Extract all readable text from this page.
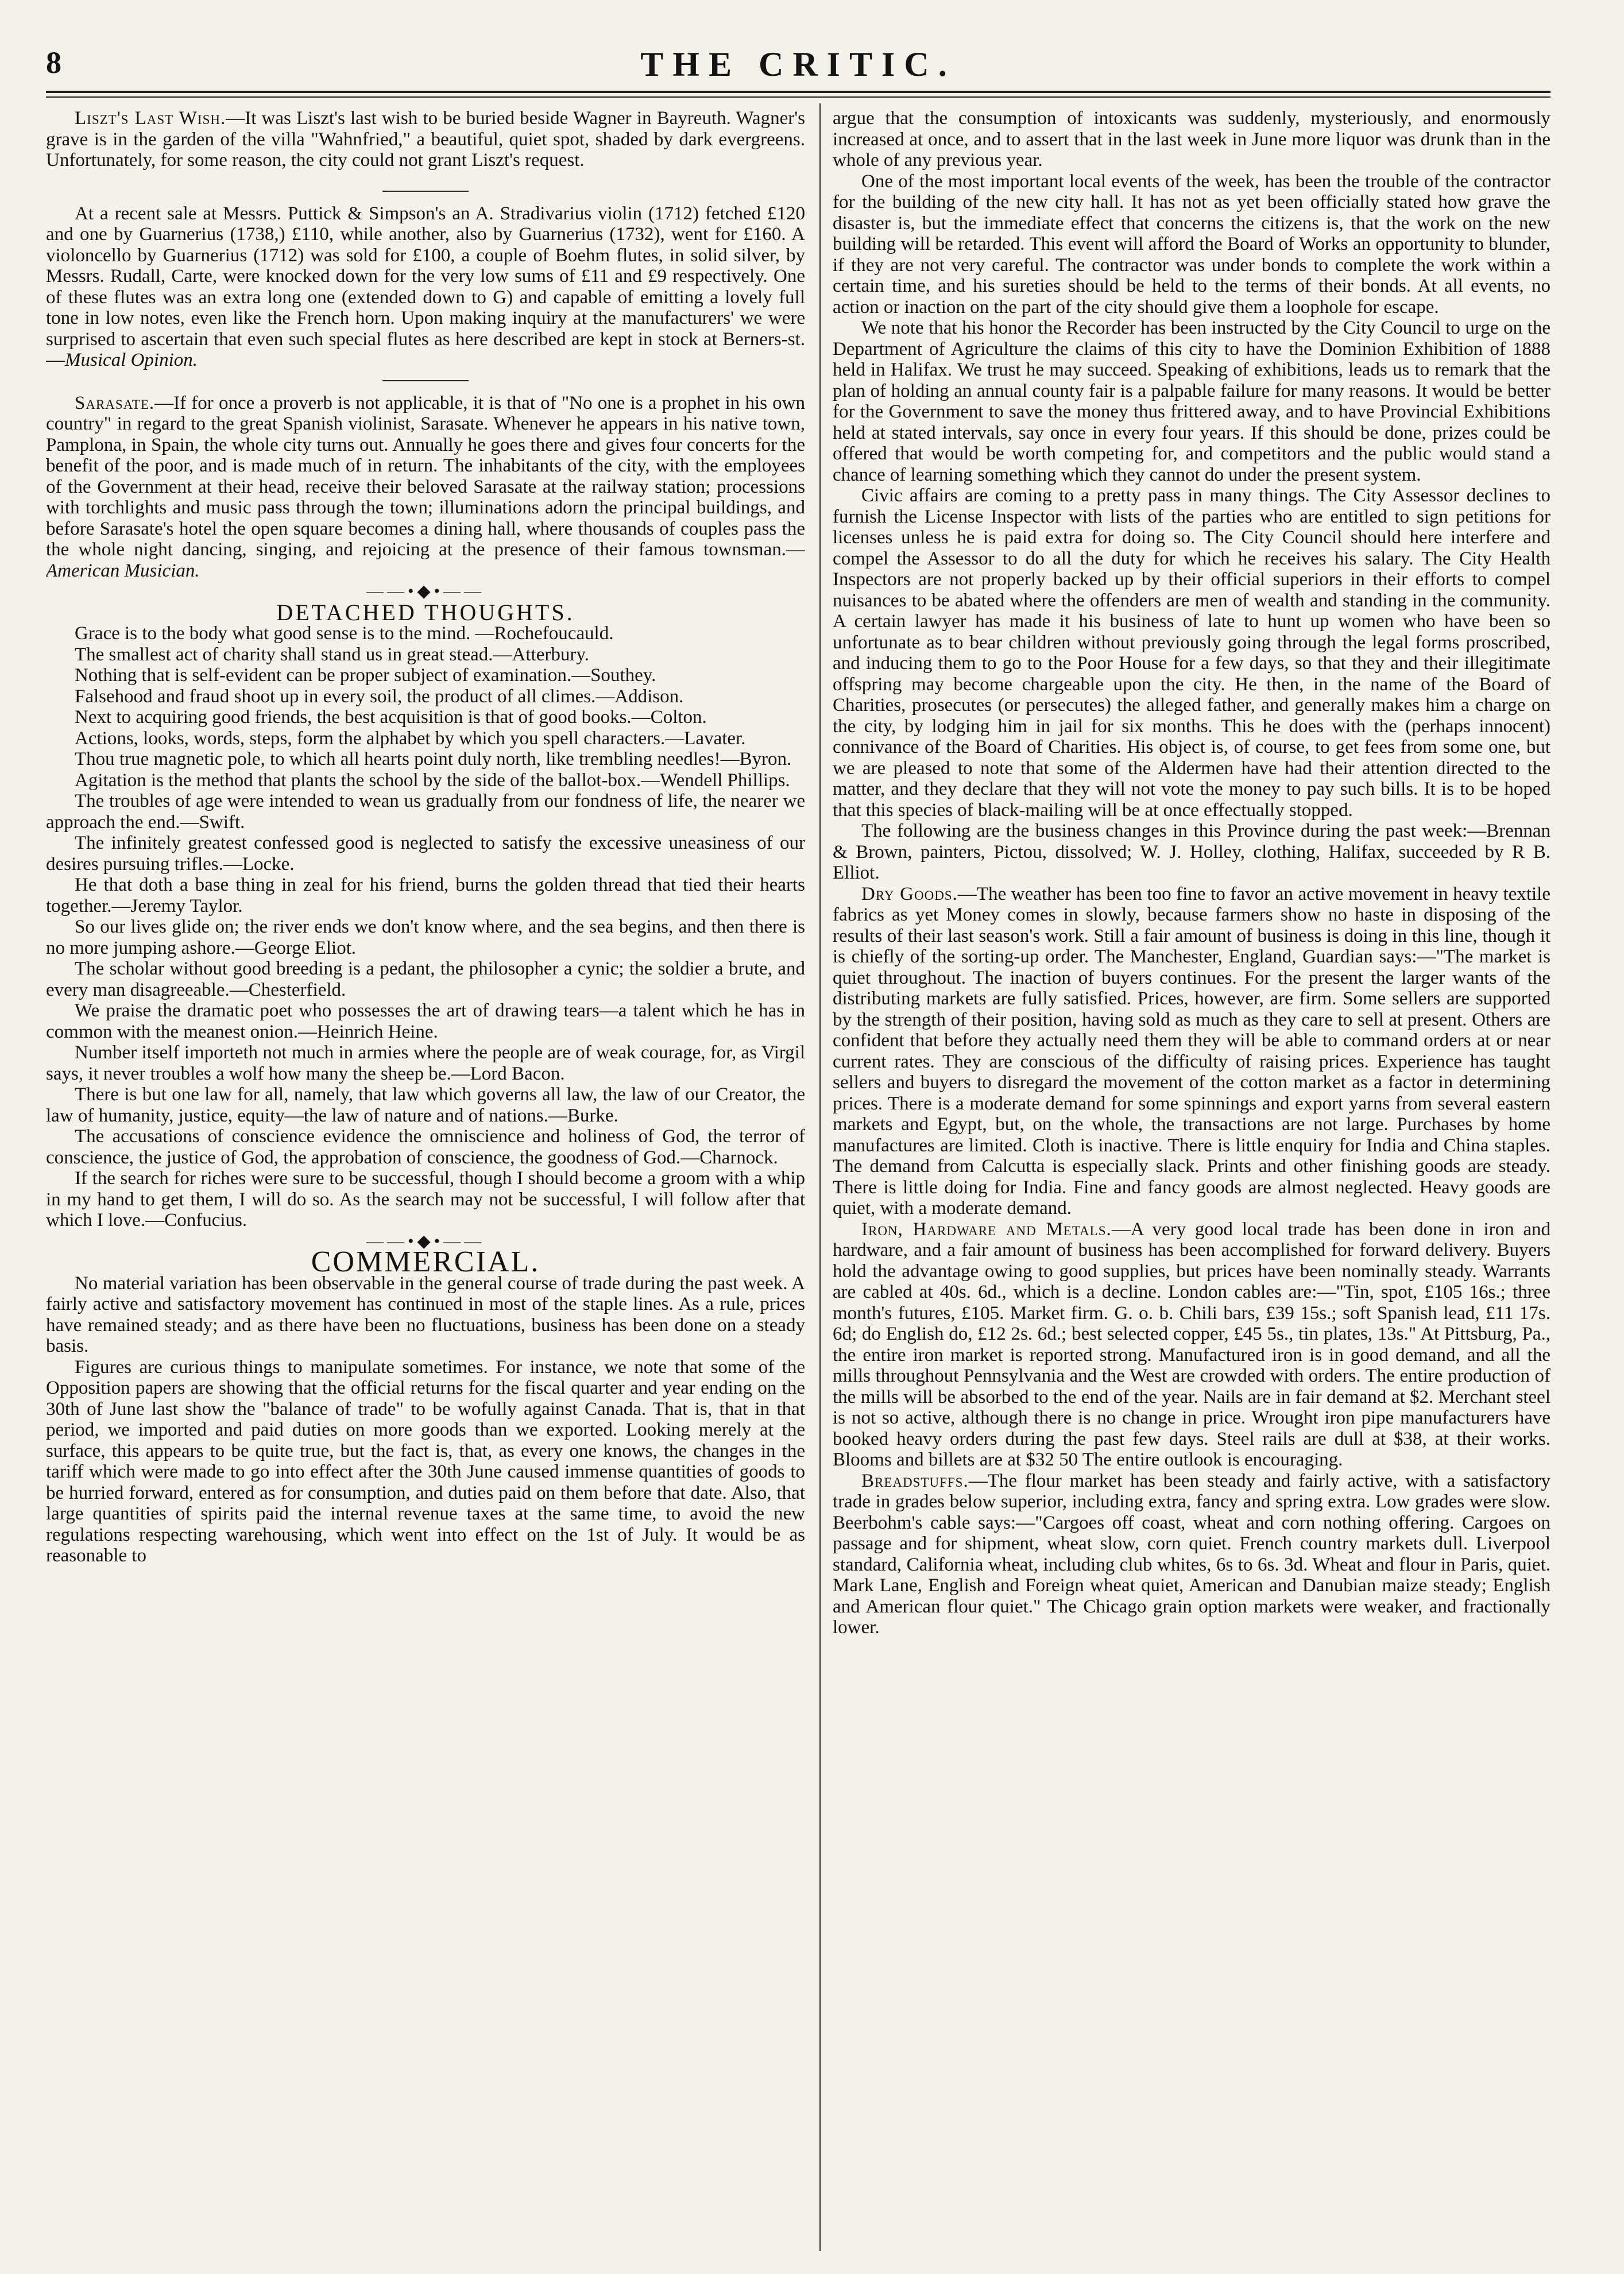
8	THE CRITIC.

Liszt's Last Wish.—It was Liszt's last wish to be buried beside Wagner in Bayreuth. Wagner's grave is in the garden of the villa "Wahnfried," a beautiful, quiet spot, shaded by dark evergreens. Unfortunately, for some reason, the city could not grant Liszt's request.

At a recent sale at Messrs. Puttick & Simpson's an A. Stradivarius violin (1712) fetched £120 and one by Guarnerius (1738,) £110, while another, also by Guarnerius (1732), went for £160. A violoncello by Guarnerius (1712) was sold for £100, a couple of Boehm flutes, in solid silver, by Messrs. Rudall, Carte, were knocked down for the very low sums of £11 and £9 respectively. One of these flutes was an extra long one (extended down to G) and capable of emitting a lovely full tone in low notes, even like the French horn. Upon making inquiry at the manufacturers' we were surprised to ascertain that even such special flutes as here described are kept in stock at Berners-st.—Musical Opinion.

Sarasate.—If for once a proverb is not applicable, it is that of "No one is a prophet in his own country" in regard to the great Spanish violinist, Sarasate. Whenever he appears in his native town, Pamplona, in Spain, the whole city turns out. Annually he goes there and gives four concerts for the benefit of the poor, and is made much of in return. The inhabitants of the city, with the employees of the Government at their head, receive their beloved Sarasate at the railway station; processions with torchlights and music pass through the town; illuminations adorn the principal buildings, and before Sarasate's hotel the open square becomes a dining hall, where thousands of couples pass the the whole night dancing, singing, and rejoicing at the presence of their famous townsman.—American Musician.

——•◆•——

DETACHED THOUGHTS.

Grace is to the body what good sense is to the mind. —Rochefoucauld.

The smallest act of charity shall stand us in great stead.—Atterbury.

Nothing that is self-evident can be proper subject of examination.—Southey.

Falsehood and fraud shoot up in every soil, the product of all climes.—Addison.

Next to acquiring good friends, the best acquisition is that of good books.—Colton.

Actions, looks, words, steps, form the alphabet by which you spell characters.—Lavater.

Thou true magnetic pole, to which all hearts point duly north, like trembling needles!—Byron.

Agitation is the method that plants the school by the side of the ballot-box.—Wendell Phillips.

The troubles of age were intended to wean us gradually from our fondness of life, the nearer we approach the end.—Swift.

The infinitely greatest confessed good is neglected to satisfy the excessive uneasiness of our desires pursuing trifles.—Locke.

He that doth a base thing in zeal for his friend, burns the golden thread that tied their hearts together.—Jeremy Taylor.

So our lives glide on; the river ends we don't know where, and the sea begins, and then there is no more jumping ashore.—George Eliot.

The scholar without good breeding is a pedant, the philosopher a cynic; the soldier a brute, and every man disagreeable.—Chesterfield.

We praise the dramatic poet who possesses the art of drawing tears—a talent which he has in common with the meanest onion.—Heinrich Heine.

Number itself importeth not much in armies where the people are of weak courage, for, as Virgil says, it never troubles a wolf how many the sheep be.—Lord Bacon.

There is but one law for all, namely, that law which governs all law, the law of our Creator, the law of humanity, justice, equity—the law of nature and of nations.—Burke.

The accusations of conscience evidence the omniscience and holiness of God, the terror of conscience, the justice of God, the approbation of conscience, the goodness of God.—Charnock.

If the search for riches were sure to be successful, though I should become a groom with a whip in my hand to get them, I will do so. As the search may not be successful, I will follow after that which I love.—Confucius.

——•◆•——

COMMERCIAL.

No material variation has been observable in the general course of trade during the past week. A fairly active and satisfactory movement has continued in most of the staple lines. As a rule, prices have remained steady; and as there have been no fluctuations, business has been done on a steady basis.

Figures are curious things to manipulate sometimes. For instance, we note that some of the Opposition papers are showing that the official returns for the fiscal quarter and year ending on the 30th of June last show the "balance of trade" to be wofully against Canada. That is, that in that period, we imported and paid duties on more goods than we exported. Looking merely at the surface, this appears to be quite true, but the fact is, that, as every one knows, the changes in the tariff which were made to go into effect after the 30th June caused immense quantities of goods to be hurried forward, entered as for consumption, and duties paid on them before that date. Also, that large quantities of spirits paid the internal revenue taxes at the same time, to avoid the new regulations respecting warehousing, which went into effect on the 1st of July. It would be as reasonable to

argue that the consumption of intoxicants was suddenly, mysteriously, and enormously increased at once, and to assert that in the last week in June more liquor was drunk than in the whole of any previous year.

One of the most important local events of the week, has been the trouble of the contractor for the building of the new city hall. It has not as yet been officially stated how grave the disaster is, but the immediate effect that concerns the citizens is, that the work on the new building will be retarded. This event will afford the Board of Works an opportunity to blunder, if they are not very careful. The contractor was under bonds to complete the work within a certain time, and his sureties should be held to the terms of their bonds. At all events, no action or inaction on the part of the city should give them a loophole for escape.

We note that his honor the Recorder has been instructed by the City Council to urge on the Department of Agriculture the claims of this city to have the Dominion Exhibition of 1888 held in Halifax. We trust he may succeed. Speaking of exhibitions, leads us to remark that the plan of holding an annual county fair is a palpable failure for many reasons. It would be better for the Government to save the money thus frittered away, and to have Provincial Exhibitions held at stated intervals, say once in every four years. If this should be done, prizes could be offered that would be worth competing for, and competitors and the public would stand a chance of learning something which they cannot do under the present system.

Civic affairs are coming to a pretty pass in many things. The City Assessor declines to furnish the License Inspector with lists of the parties who are entitled to sign petitions for licenses unless he is paid extra for doing so. The City Council should here interfere and compel the Assessor to do all the duty for which he receives his salary. The City Health Inspectors are not properly backed up by their official superiors in their efforts to compel nuisances to be abated where the offenders are men of wealth and standing in the community. A certain lawyer has made it his business of late to hunt up women who have been so unfortunate as to bear children without previously going through the legal forms proscribed, and inducing them to go to the Poor House for a few days, so that they and their illegitimate offspring may become chargeable upon the city. He then, in the name of the Board of Charities, prosecutes (or persecutes) the alleged father, and generally makes him a charge on the city, by lodging him in jail for six months. This he does with the (perhaps innocent) connivance of the Board of Charities. His object is, of course, to get fees from some one, but we are pleased to note that some of the Aldermen have had their attention directed to the matter, and they declare that they will not vote the money to pay such bills. It is to be hoped that this species of black-mailing will be at once effectually stopped.

The following are the business changes in this Province during the past week:—Brennan & Brown, painters, Pictou, dissolved; W. J. Holley, clothing, Halifax, succeeded by R B. Elliot.

Dry Goods.—The weather has been too fine to favor an active movement in heavy textile fabrics as yet Money comes in slowly, because farmers show no haste in disposing of the results of their last season's work. Still a fair amount of business is doing in this line, though it is chiefly of the sorting-up order. The Manchester, England, Guardian says:—"The market is quiet throughout. The inaction of buyers continues. For the present the larger wants of the distributing markets are fully satisfied. Prices, however, are firm. Some sellers are supported by the strength of their position, having sold as much as they care to sell at present. Others are confident that before they actually need them they will be able to command orders at or near current rates. They are conscious of the difficulty of raising prices. Experience has taught sellers and buyers to disregard the movement of the cotton market as a factor in determining prices. There is a moderate demand for some spinnings and export yarns from several eastern markets and Egypt, but, on the whole, the transactions are not large. Purchases by home manufactures are limited. Cloth is inactive. There is little enquiry for India and China staples. The demand from Calcutta is especially slack. Prints and other finishing goods are steady. There is little doing for India. Fine and fancy goods are almost neglected. Heavy goods are quiet, with a moderate demand.

Iron, Hardware and Metals.—A very good local trade has been done in iron and hardware, and a fair amount of business has been accomplished for forward delivery. Buyers hold the advantage owing to good supplies, but prices have been nominally steady. Warrants are cabled at 40s. 6d., which is a decline. London cables are:—"Tin, spot, £105 16s.; three month's futures, £105. Market firm. G. o. b. Chili bars, £39 15s.; soft Spanish lead, £11 17s. 6d; do English do, £12 2s. 6d.; best selected copper, £45 5s., tin plates, 13s." At Pittsburg, Pa., the entire iron market is reported strong. Manufactured iron is in good demand, and all the mills throughout Pennsylvania and the West are crowded with orders. The entire production of the mills will be absorbed to the end of the year. Nails are in fair demand at $2. Merchant steel is not so active, although there is no change in price. Wrought iron pipe manufacturers have booked heavy orders during the past few days. Steel rails are dull at $38, at their works. Blooms and billets are at $32 50 The entire outlook is encouraging.

Breadstuffs.—The flour market has been steady and fairly active, with a satisfactory trade in grades below superior, including extra, fancy and spring extra. Low grades were slow. Beerbohm's cable says:—"Cargoes off coast, wheat and corn nothing offering. Cargoes on passage and for shipment, wheat slow, corn quiet. French country markets dull. Liverpool standard, California wheat, including club whites, 6s to 6s. 3d. Wheat and flour in Paris, quiet. Mark Lane, English and Foreign wheat quiet, American and Danubian maize steady; English and American flour quiet." The Chicago grain option markets were weaker, and fractionally lower.
